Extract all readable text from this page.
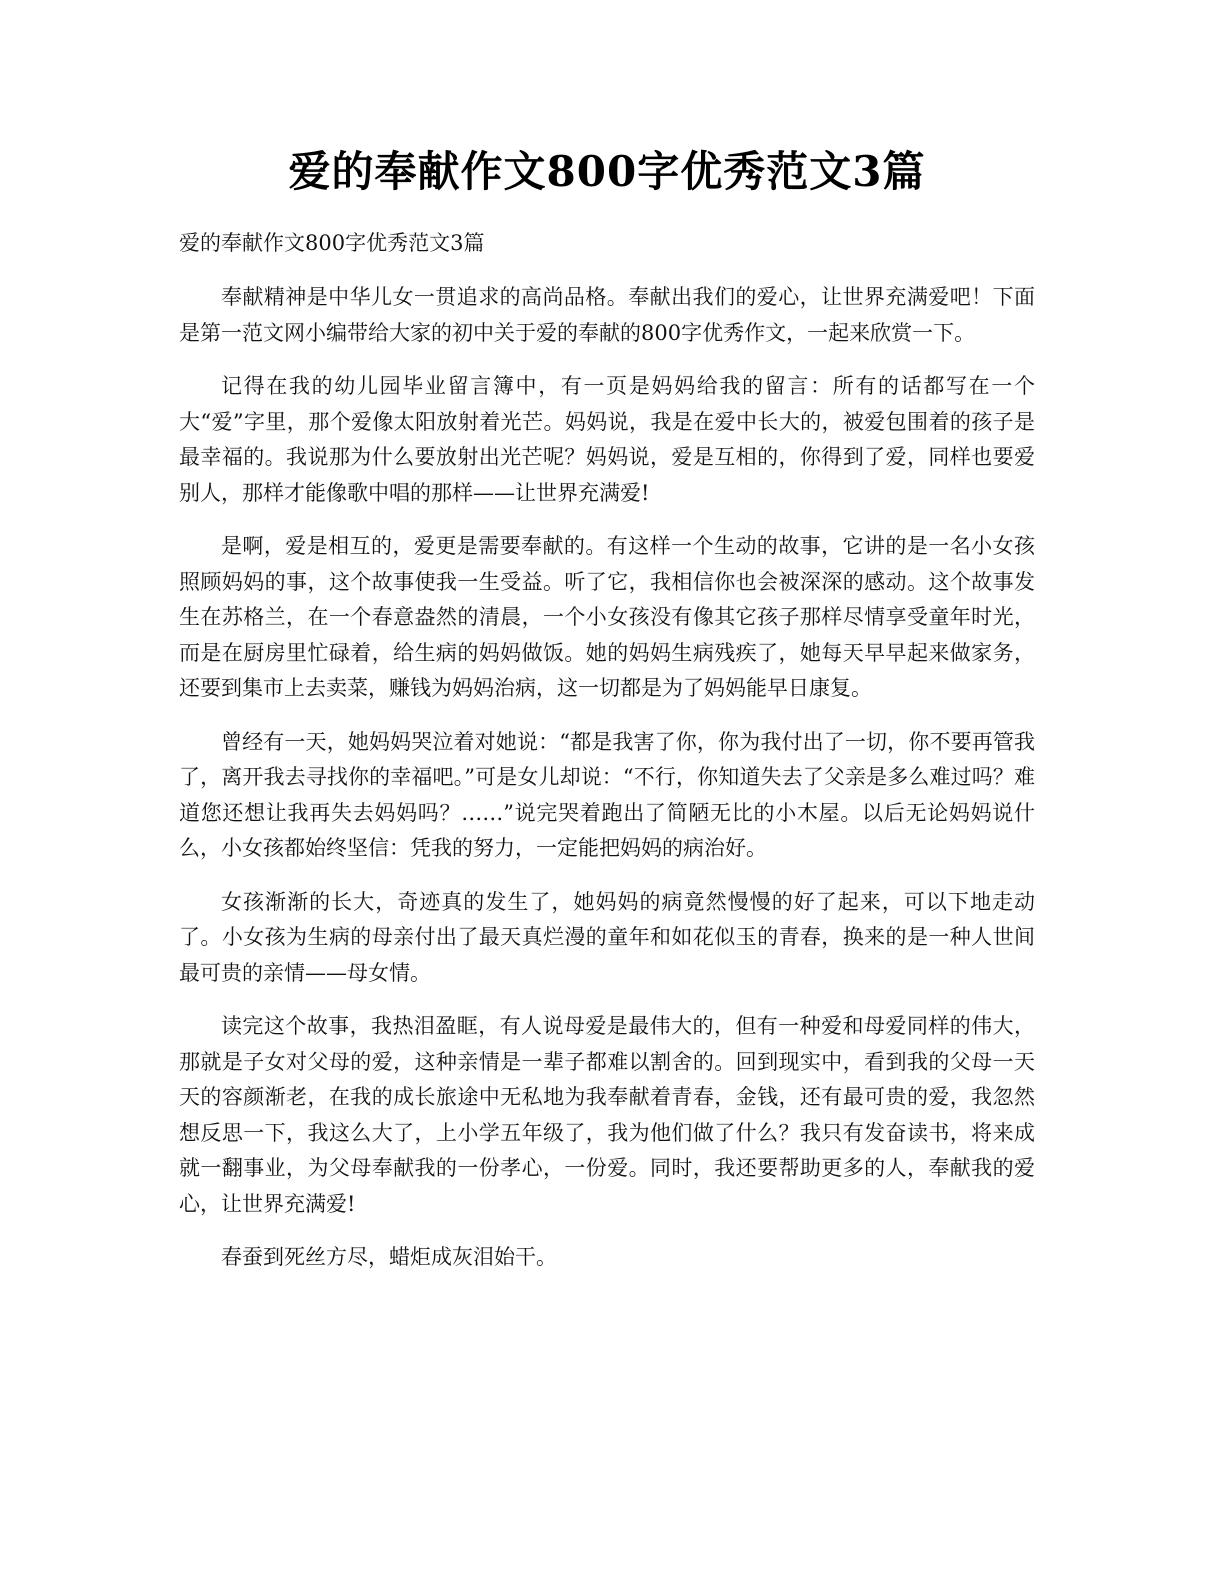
爱的奉献作文800字优秀范文3篇

爱的奉献作文800字优秀范文3篇

奉献精神是中华儿女一贯追求的高尚品格。奉献出我们的爱心，让世界充满爱吧！下面是第一范文网小编带给大家的初中关于爱的奉献的800字优秀作文，一起来欣赏一下。

记得在我的幼儿园毕业留言簿中，有一页是妈妈给我的留言：所有的话都写在一个大“爱”字里，那个爱像太阳放射着光芒。妈妈说，我是在爱中长大的，被爱包围着的孩子是最幸福的。我说那为什么要放射出光芒呢？妈妈说，爱是互相的，你得到了爱，同样也要爱别人，那样才能像歌中唱的那样——让世界充满爱!

是啊，爱是相互的，爱更是需要奉献的。有这样一个生动的故事，它讲的是一名小女孩照顾妈妈的事，这个故事使我一生受益。听了它，我相信你也会被深深的感动。这个故事发生在苏格兰，在一个春意盎然的清晨，一个小女孩没有像其它孩子那样尽情享受童年时光，而是在厨房里忙碌着，给生病的妈妈做饭。她的妈妈生病残疾了，她每天早早起来做家务，还要到集市上去卖菜，赚钱为妈妈治病，这一切都是为了妈妈能早日康复。

曾经有一天，她妈妈哭泣着对她说：“都是我害了你，你为我付出了一切，你不要再管我了，离开我去寻找你的幸福吧。”可是女儿却说：“不行，你知道失去了父亲是多么难过吗？难道您还想让我再失去妈妈吗？……”说完哭着跑出了简陋无比的小木屋。以后无论妈妈说什么，小女孩都始终坚信：凭我的努力，一定能把妈妈的病治好。

女孩渐渐的长大，奇迹真的发生了，她妈妈的病竟然慢慢的好了起来，可以下地走动了。小女孩为生病的母亲付出了最天真烂漫的童年和如花似玉的青春，换来的是一种人世间最可贵的亲情——母女情。

读完这个故事，我热泪盈眶，有人说母爱是最伟大的，但有一种爱和母爱同样的伟大，那就是子女对父母的爱，这种亲情是一辈子都难以割舍的。回到现实中，看到我的父母一天天的容颜渐老，在我的成长旅途中无私地为我奉献着青春，金钱，还有最可贵的爱，我忽然想反思一下，我这么大了，上小学五年级了，我为他们做了什么？我只有发奋读书，将来成就一翻事业，为父母奉献我的一份孝心，一份爱。同时，我还要帮助更多的人，奉献我的爱心，让世界充满爱!

春蚕到死丝方尽，蜡炬成灰泪始干。
